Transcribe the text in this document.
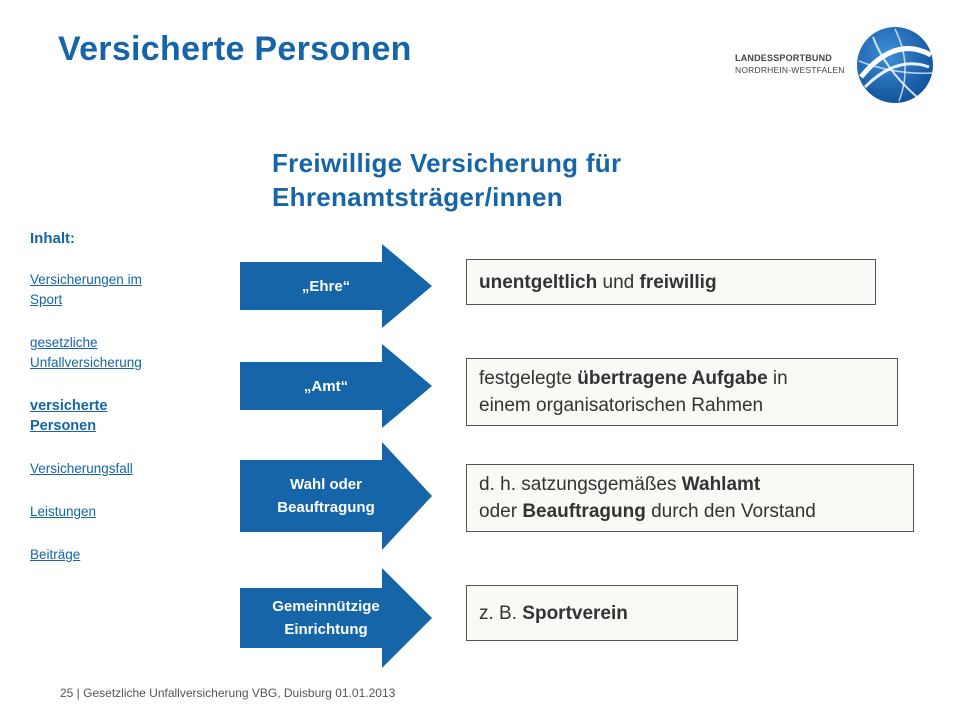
Versicherte Personen	LANDESSPORTBUND
NORDRHEIN-WESTFALEN
Freiwillige Versicherung für
Ehrenamtsträger/innen
Inhalt:
Versicherungen im
Sport
gesetzliche
Unfallversicherung
versicherte
Personen
Versicherungsfall
Leistungen
Beiträge
„Ehre“
„Amt“
Wahl oder
Beauftragung
Gemeinnützige
Einrichtung
unentgeltlich und freiwillig
festgelegte übertragene Aufgabe in
einem organisatorischen Rahmen
d. h. satzungsgemäßes Wahlamt
oder Beauftragung durch den Vorstand
z. B. Sportverein
25 | Gesetzliche Unfallversicherung VBG, Duisburg 01.01.2013
